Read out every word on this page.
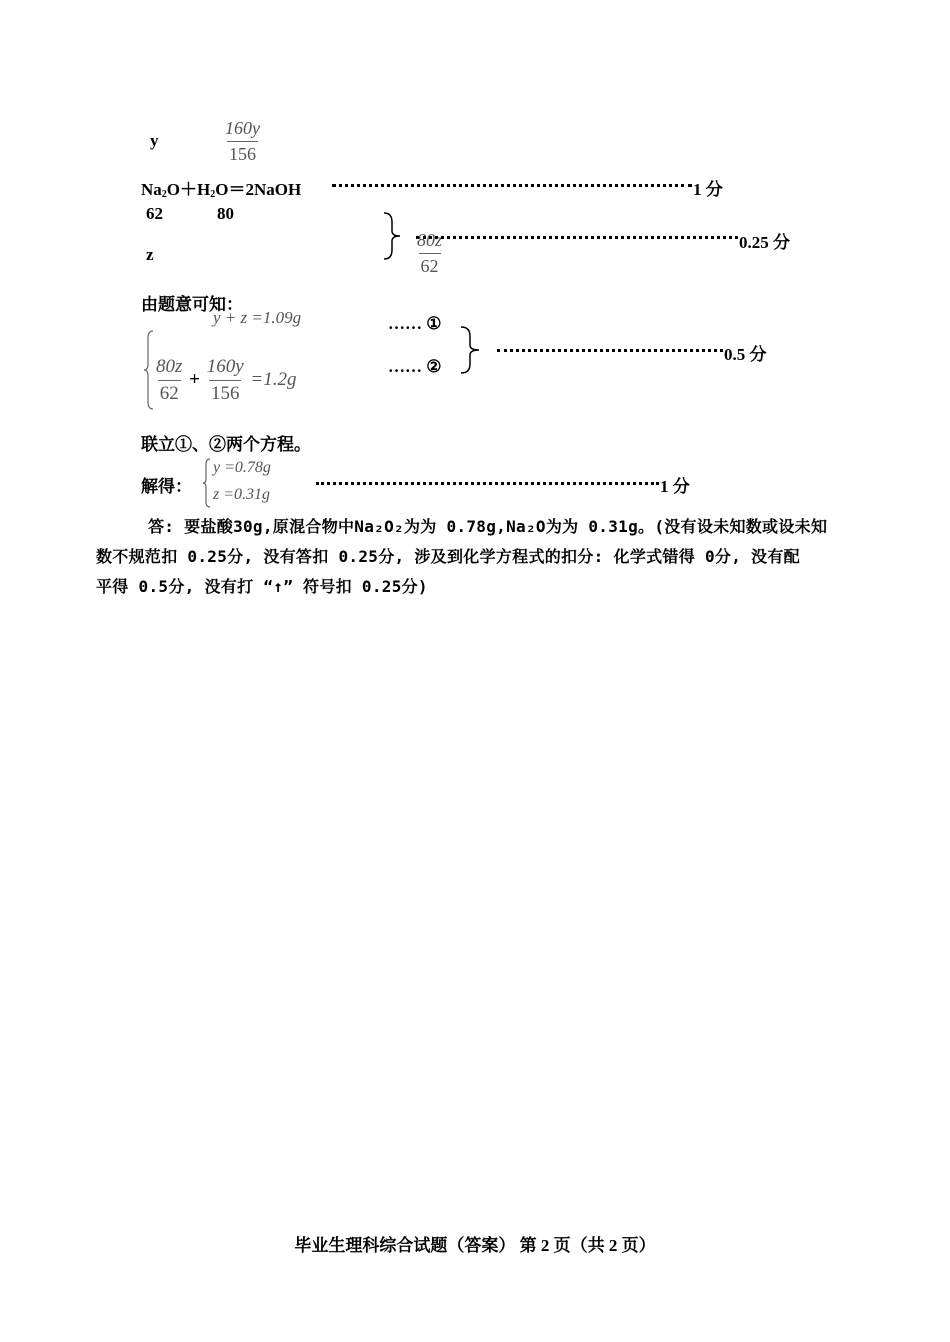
y	$\frac{160y}{156}$
$Na_2O+H_2O=2NaOH$	1 分
62	80
z	$\frac{80z}{62}$	0.25 分
由题意可知：
y + z =1.09g
$\frac{80z}{62} + \frac{160y}{156} =1.2g$
…… ①
…… ②
0.5 分
联立①、②两个方程。
解得：
y =0.78g
z =0.31g	1 分
答: 要盐酸30g,原混合物中Na₂O₂为为 0.78g,Na₂O为为 0.31g。(没有设未知数或设未知
数不规范扣 0.25分, 没有答扣 0.25分, 涉及到化学方程式的扣分: 化学式错得 0分, 没有配
平得 0.5分, 没有打 “↑” 符号扣 0.25分)
毕业生理科综合试题（答案） 第 2 页（共 2 页）
